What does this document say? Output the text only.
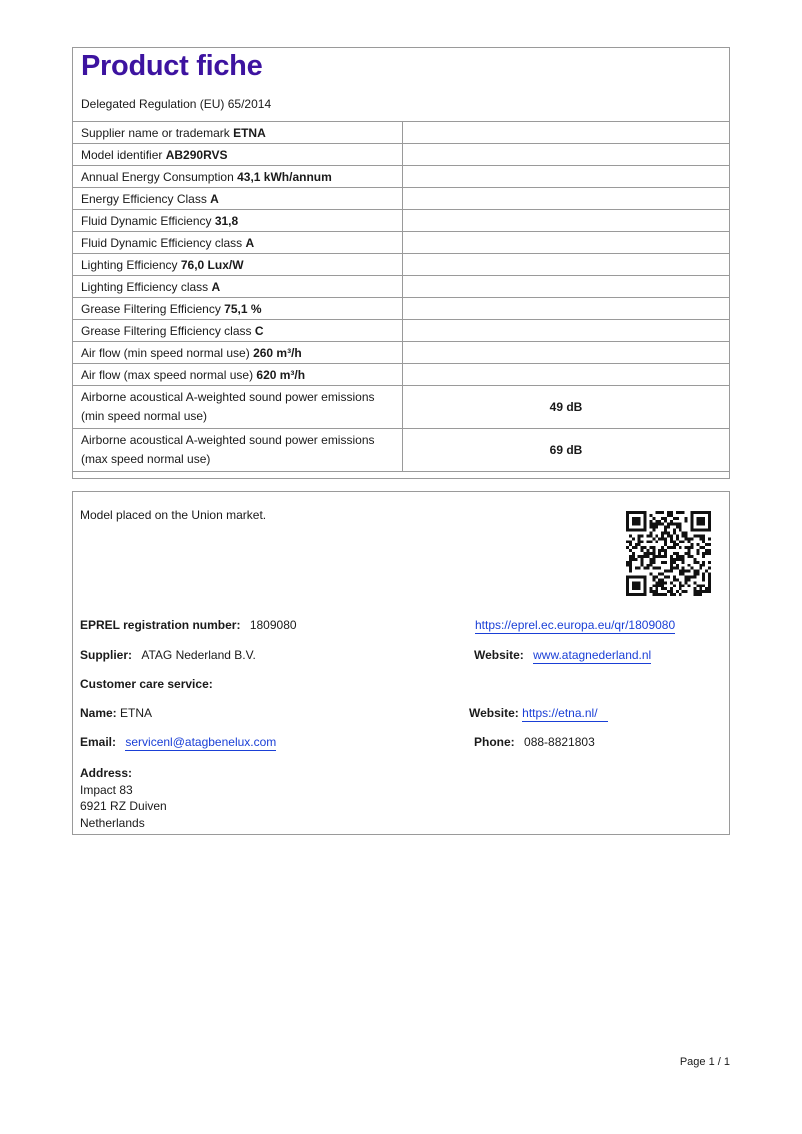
Product fiche
Delegated Regulation (EU) 65/2014
Supplier name or trademark ETNA	
Model identifier AB290RVS	
Annual Energy Consumption 43,1 kWh/annum	
Energy Efficiency Class A	
Fluid Dynamic Efficiency 31,8	
Fluid Dynamic Efficiency class A	
Lighting Efficiency 76,0 Lux/W	
Lighting Efficiency class A	
Grease Filtering Efficiency 75,1 %	
Grease Filtering Efficiency class C	
Air flow (min speed normal use) 260 m³/h	
Air flow (max speed normal use) 620 m³/h	

Airborne acoustical A-weighted sound power emissions
(min speed normal use)	49 dB

Airborne acoustical A-weighted sound power emissions
(max speed normal use)	69 dB
Model placed on the Union market.
EPREL registration number: 1809080	https://eprel.ec.europa.eu/qr/1809080
Supplier: ATAG Nederland B.V.	Website: www.atagnederland.nl
Customer care service:
Name: ETNA	Website: https://etna.nl/
Email: servicenl@atagbenelux.com	Phone: 088-8821803
Address:
Impact 83
6921 RZ Duiven
Netherlands
Page 1 / 1
